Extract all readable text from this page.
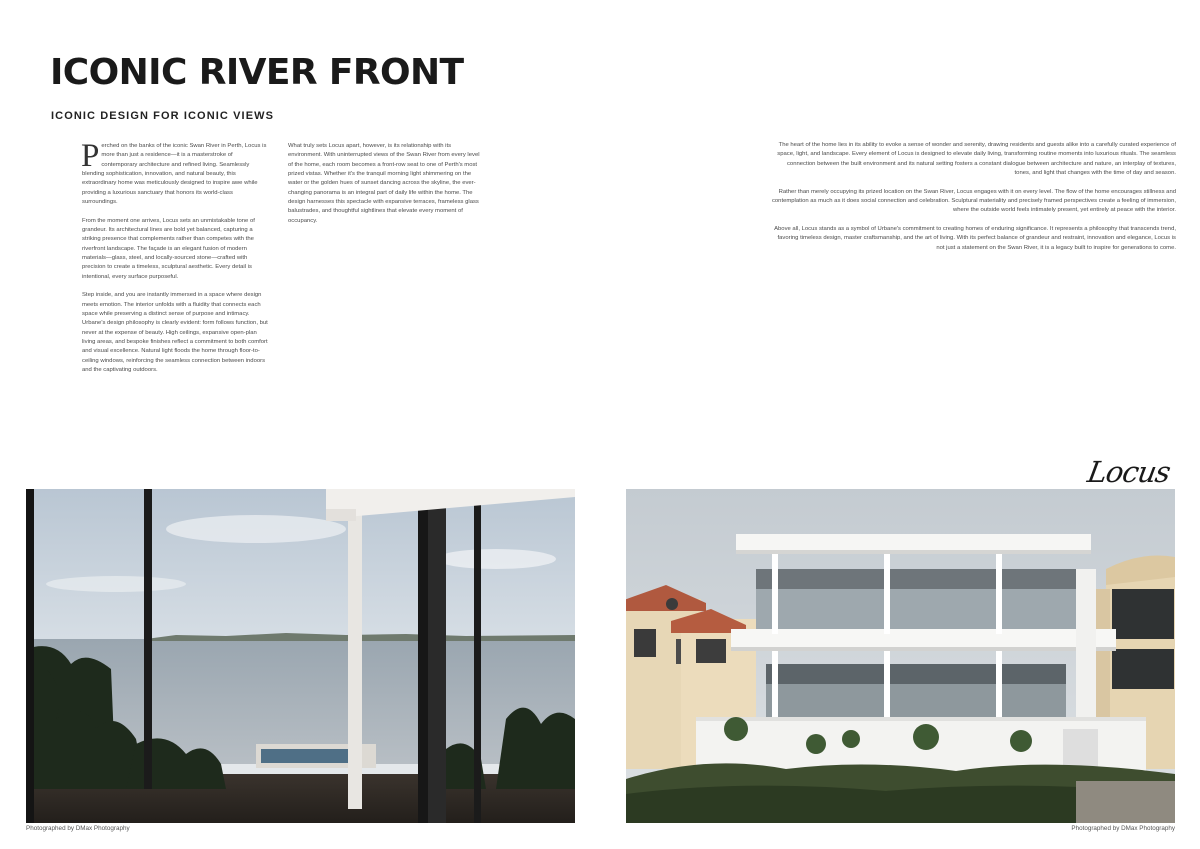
ICONIC RIVER FRONT
ICONIC DESIGN FOR ICONIC VIEWS

Perched on the banks of the iconic Swan River in Perth, Locus is more than just a residence—it is a masterstroke of contemporary architecture and refined living. Seamlessly blending sophistication, innovation, and natural beauty, this extraordinary home was meticulously designed to inspire awe while providing a luxurious sanctuary that honors its world-class surroundings.

From the moment one arrives, Locus sets an unmistakable tone of grandeur. Its architectural lines are bold yet balanced, capturing a striking presence that complements rather than competes with the riverfront landscape. The façade is an elegant fusion of modern materials—glass, steel, and locally-sourced stone—crafted with precision to create a timeless, sculptural aesthetic. Every detail is intentional, every surface purposeful.

Step inside, and you are instantly immersed in a space where design meets emotion. The interior unfolds with a fluidity that connects each space while preserving a distinct sense of purpose and intimacy. Urbane's design philosophy is clearly evident: form follows function, but never at the expense of beauty. High ceilings, expansive open-plan living areas, and bespoke finishes reflect a commitment to both comfort and visual excellence. Natural light floods the home through floor-to-ceiling windows, reinforcing the seamless connection between indoors and the captivating outdoors.

What truly sets Locus apart, however, is its relationship with its environment. With uninterrupted views of the Swan River from every level of the home, each room becomes a front-row seat to one of Perth's most prized vistas. Whether it's the tranquil morning light shimmering on the water or the golden hues of sunset dancing across the skyline, the ever-changing panorama is an integral part of daily life within the home. The design harnesses this spectacle with expansive terraces, frameless glass balustrades, and thoughtful sightlines that elevate every moment of occupancy.

The heart of the home lies in its ability to evoke a sense of wonder and serenity, drawing residents and guests alike into a carefully curated experience of space, light, and landscape. Every element of Locus is designed to elevate daily living, transforming routine moments into luxurious rituals. The seamless connection between the built environment and its natural setting fosters a constant dialogue between architecture and nature, an interplay of textures, tones, and light that changes with the time of day and season.

Rather than merely occupying its prized location on the Swan River, Locus engages with it on every level. The flow of the home encourages stillness and contemplation as much as it does social connection and celebration. Sculptural materiality and precisely framed perspectives create a feeling of immersion, where the outside world feels intimately present, yet entirely at peace with the interior.

Above all, Locus stands as a symbol of Urbane's commitment to creating homes of enduring significance. It represents a philosophy that transcends trend, favoring timeless design, master craftsmanship, and the art of living. With its perfect balance of grandeur and restraint, innovation and elegance, Locus is not just a statement on the Swan River, it is a legacy built to inspire for generations to come.

Photographed by DMax Photography	Photographed by DMax Photography
Locus
